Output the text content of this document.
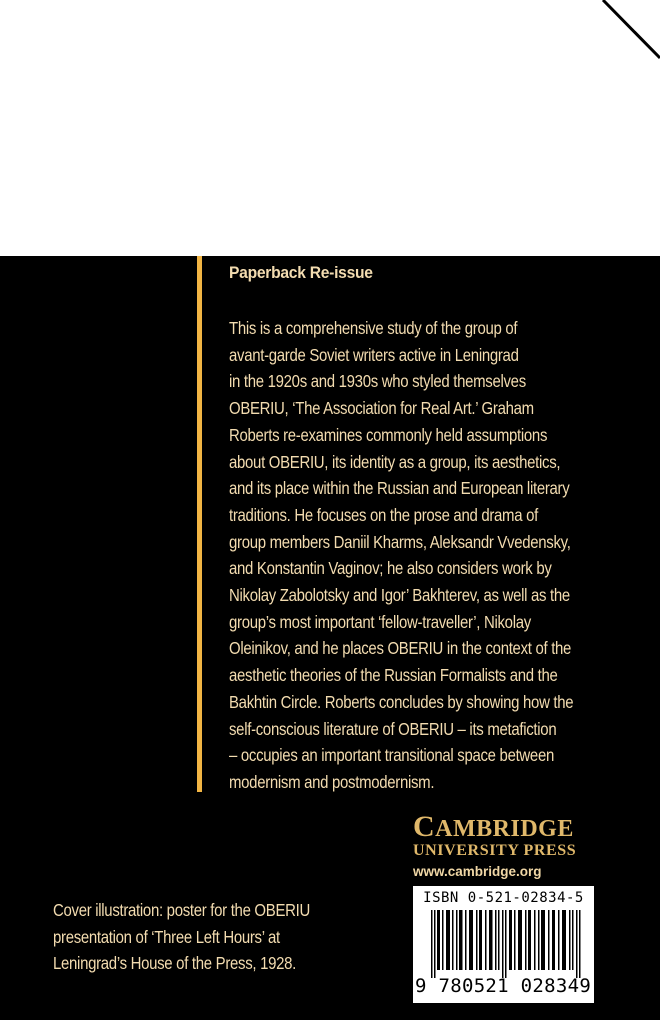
Paperback Re-issue

This is a comprehensive study of the group of
avant-garde Soviet writers active in Leningrad
in the 1920s and 1930s who styled themselves
OBERIU, ‘The Association for Real Art.’ Graham
Roberts re-examines commonly held assumptions
about OBERIU, its identity as a group, its aesthetics,
and its place within the Russian and European literary
traditions. He focuses on the prose and drama of
group members Daniil Kharms, Aleksandr Vvedensky,
and Konstantin Vaginov; he also considers work by
Nikolay Zabolotsky and Igor’ Bakhterev, as well as the
group’s most important ‘fellow-traveller’, Nikolay
Oleinikov, and he places OBERIU in the context of the
aesthetic theories of the Russian Formalists and the
Bakhtin Circle. Roberts concludes by showing how the
self-conscious literature of OBERIU – its metafiction
– occupies an important transitional space between
modernism and postmodernism.
CAMBRIDGE
UNIVERSITY PRESS
www.cambridge.org
Cover illustration: poster for the OBERIU
presentation of ‘Three Left Hours’ at
Leningrad’s House of the Press, 1928.
ISBN 0-521-02834-5
9 780521 028349 >
